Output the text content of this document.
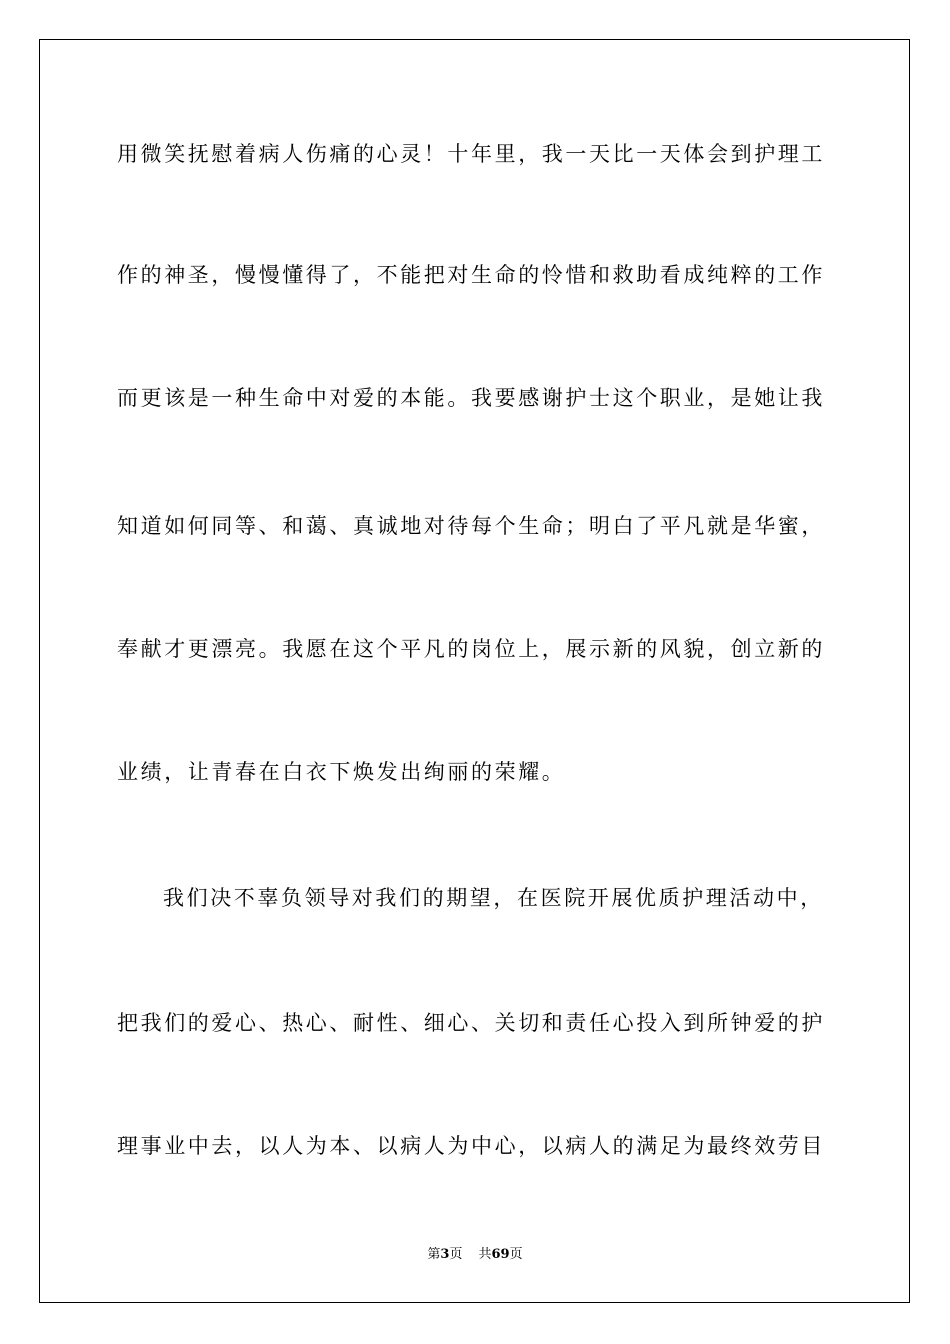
用微笑抚慰着病人伤痛的心灵！十年里，我一天比一天体会到护理工
作的神圣，慢慢懂得了，不能把对生命的怜惜和救助看成纯粹的工作
而更该是一种生命中对爱的本能。我要感谢护士这个职业，是她让我
知道如何同等、和蔼、真诚地对待每个生命；明白了平凡就是华蜜，
奉献才更漂亮。我愿在这个平凡的岗位上，展示新的风貌，创立新的
业绩，让青春在白衣下焕发出绚丽的荣耀。
我们决不辜负领导对我们的期望，在医院开展优质护理活动中，
把我们的爱心、热心、耐性、细心、关切和责任心投入到所钟爱的护
理事业中去，以人为本、以病人为中心，以病人的满足为最终效劳目
第3页 共69页
